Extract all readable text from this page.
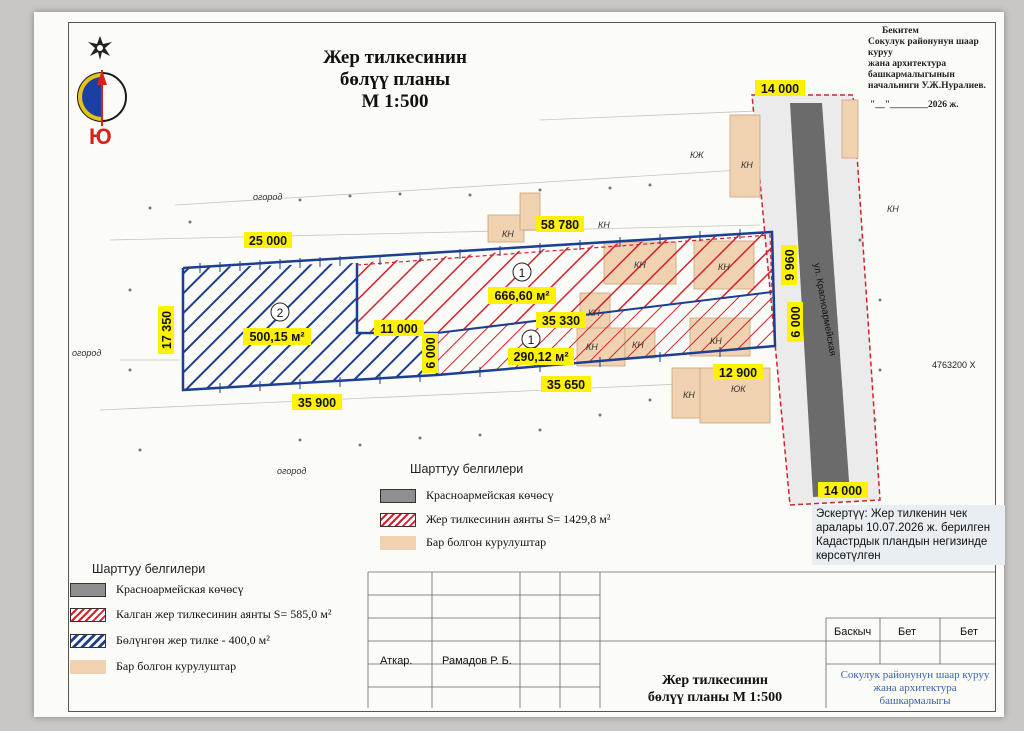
Ю
Жер тилкесинин
бөлүү планы
М 1:500
Бекитем
Сокулук районунун шаар куруу
жана архитектура
башкармалыгынын
начальниги У.Ж.Нуралиев.
"__"________2026 ж.
1
2
1
666,60 м²
500,15 м²
290,12 м²
25 000
58 780
11 000
35 330
35 650
35 900
12 900
14 000
14 000
17 350
6 000
9 960
6 000
огород
огород
огород
КЖ
КН
КН
КН
КН
КН	КН
КН
КН	КН	КН
КН
ЮК
4763200 X
ул. Красноармейская
Шарттуу белгилери
Красноармейская көчөсү
Жер тилкесинин аянты S= 1429,8 м²
Бар болгон курулуштар
Эскертүү: Жер тилкенин чек
аралары 10.07.2026 ж. берилген
Кадастрдык пландын негизинде
көрсөтүлгөн
Шарттуу белгилери
Красноармейская көчөсү
Калган жер тилкесинин аянты S= 585,0 м²
Бөлүнгөн жер тилке - 400,0 м²
Бар болгон курулуштар
Баскыч Бет	Бет
Аткар.	Рамадов Р. Б.
Жер тилкесинин
бөлүү планы М 1:500
Сокулук районунун шаар куруу
жана архитектура
башкармалыгы
